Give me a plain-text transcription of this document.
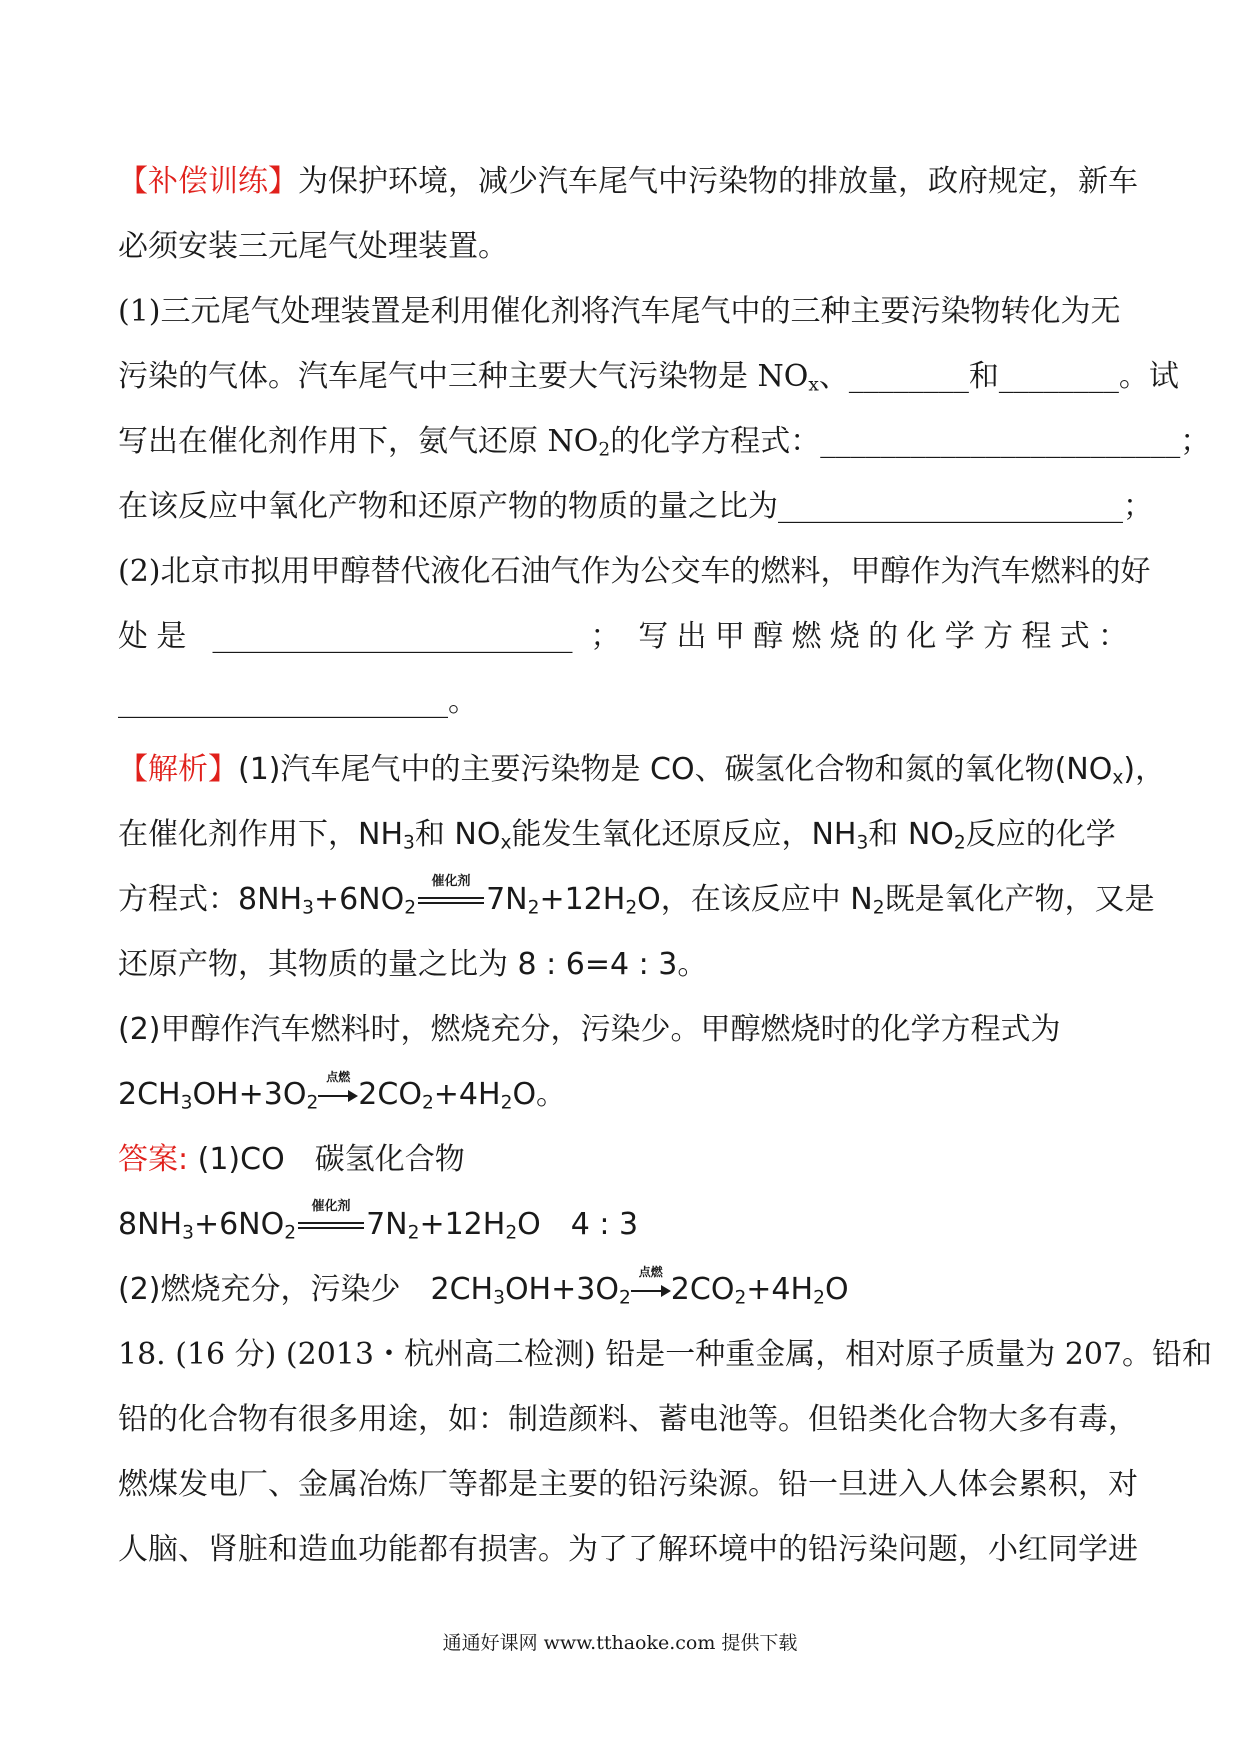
【补偿训练】为保护环境，减少汽车尾气中污染物的排放量，政府规定，新车
必须安装三元尾气处理装置。
(1)三元尾气处理装置是利用催化剂将汽车尾气中的三种主要污染物转化为无
污染的气体。汽车尾气中三种主要大气污染物是 $NO_x$、________和________。试
写出在催化剂作用下，氨气还原 $NO_2$的化学方程式：________________________；
在该反应中氧化产物和还原产物的物质的量之比为_______________________；
(2)北京市拟用甲醇替代液化石油气作为公交车的燃料，甲醇作为汽车燃料的好
处是 ________________________ ； 写出甲醇燃烧的化学方程式：
______________________。
【解析】(1)汽车尾气中的主要污染物是 CO、碳氢化合物和氮的氧化物$(NO_x)$，
在催化剂作用下，$NH_3$和 $NO_x$能发生氧化还原反应，$NH_3$和 $NO_2$反应的化学
方程式：$8NH_3+6NO_2$
催化剂
$7N_2+12H_2O$，在该反应中 $N_2$既是氧化产物，又是
还原产物，其物质的量之比为 8 : 6=4 : 3。
(2)甲醇作汽车燃料时，燃烧充分，污染少。甲醇燃烧时的化学方程式为
$2CH_3OH+3O_2$
点燃 $2CO_2+4H_2O$。
答案: (1)CO　碳氢化合物
$8NH_3+6NO_2$
催化剂
$7N_2+12H_2O$　4 : 3
(2)燃烧充分，污染少　$2CH_3OH+3O_2$
点燃 $2CO_2+4H_2O$
18. (16 分) (2013・杭州高二检测) 铅是一种重金属，相对原子质量为 207。铅和
铅的化合物有很多用途，如：制造颜料、蓄电池等。但铅类化合物大多有毒，
燃煤发电厂、金属冶炼厂等都是主要的铅污染源。铅一旦进入人体会累积，对
人脑、肾脏和造血功能都有损害。为了了解环境中的铅污染问题，小红同学进
通通好课网 www.tthaoke.com 提供下载
